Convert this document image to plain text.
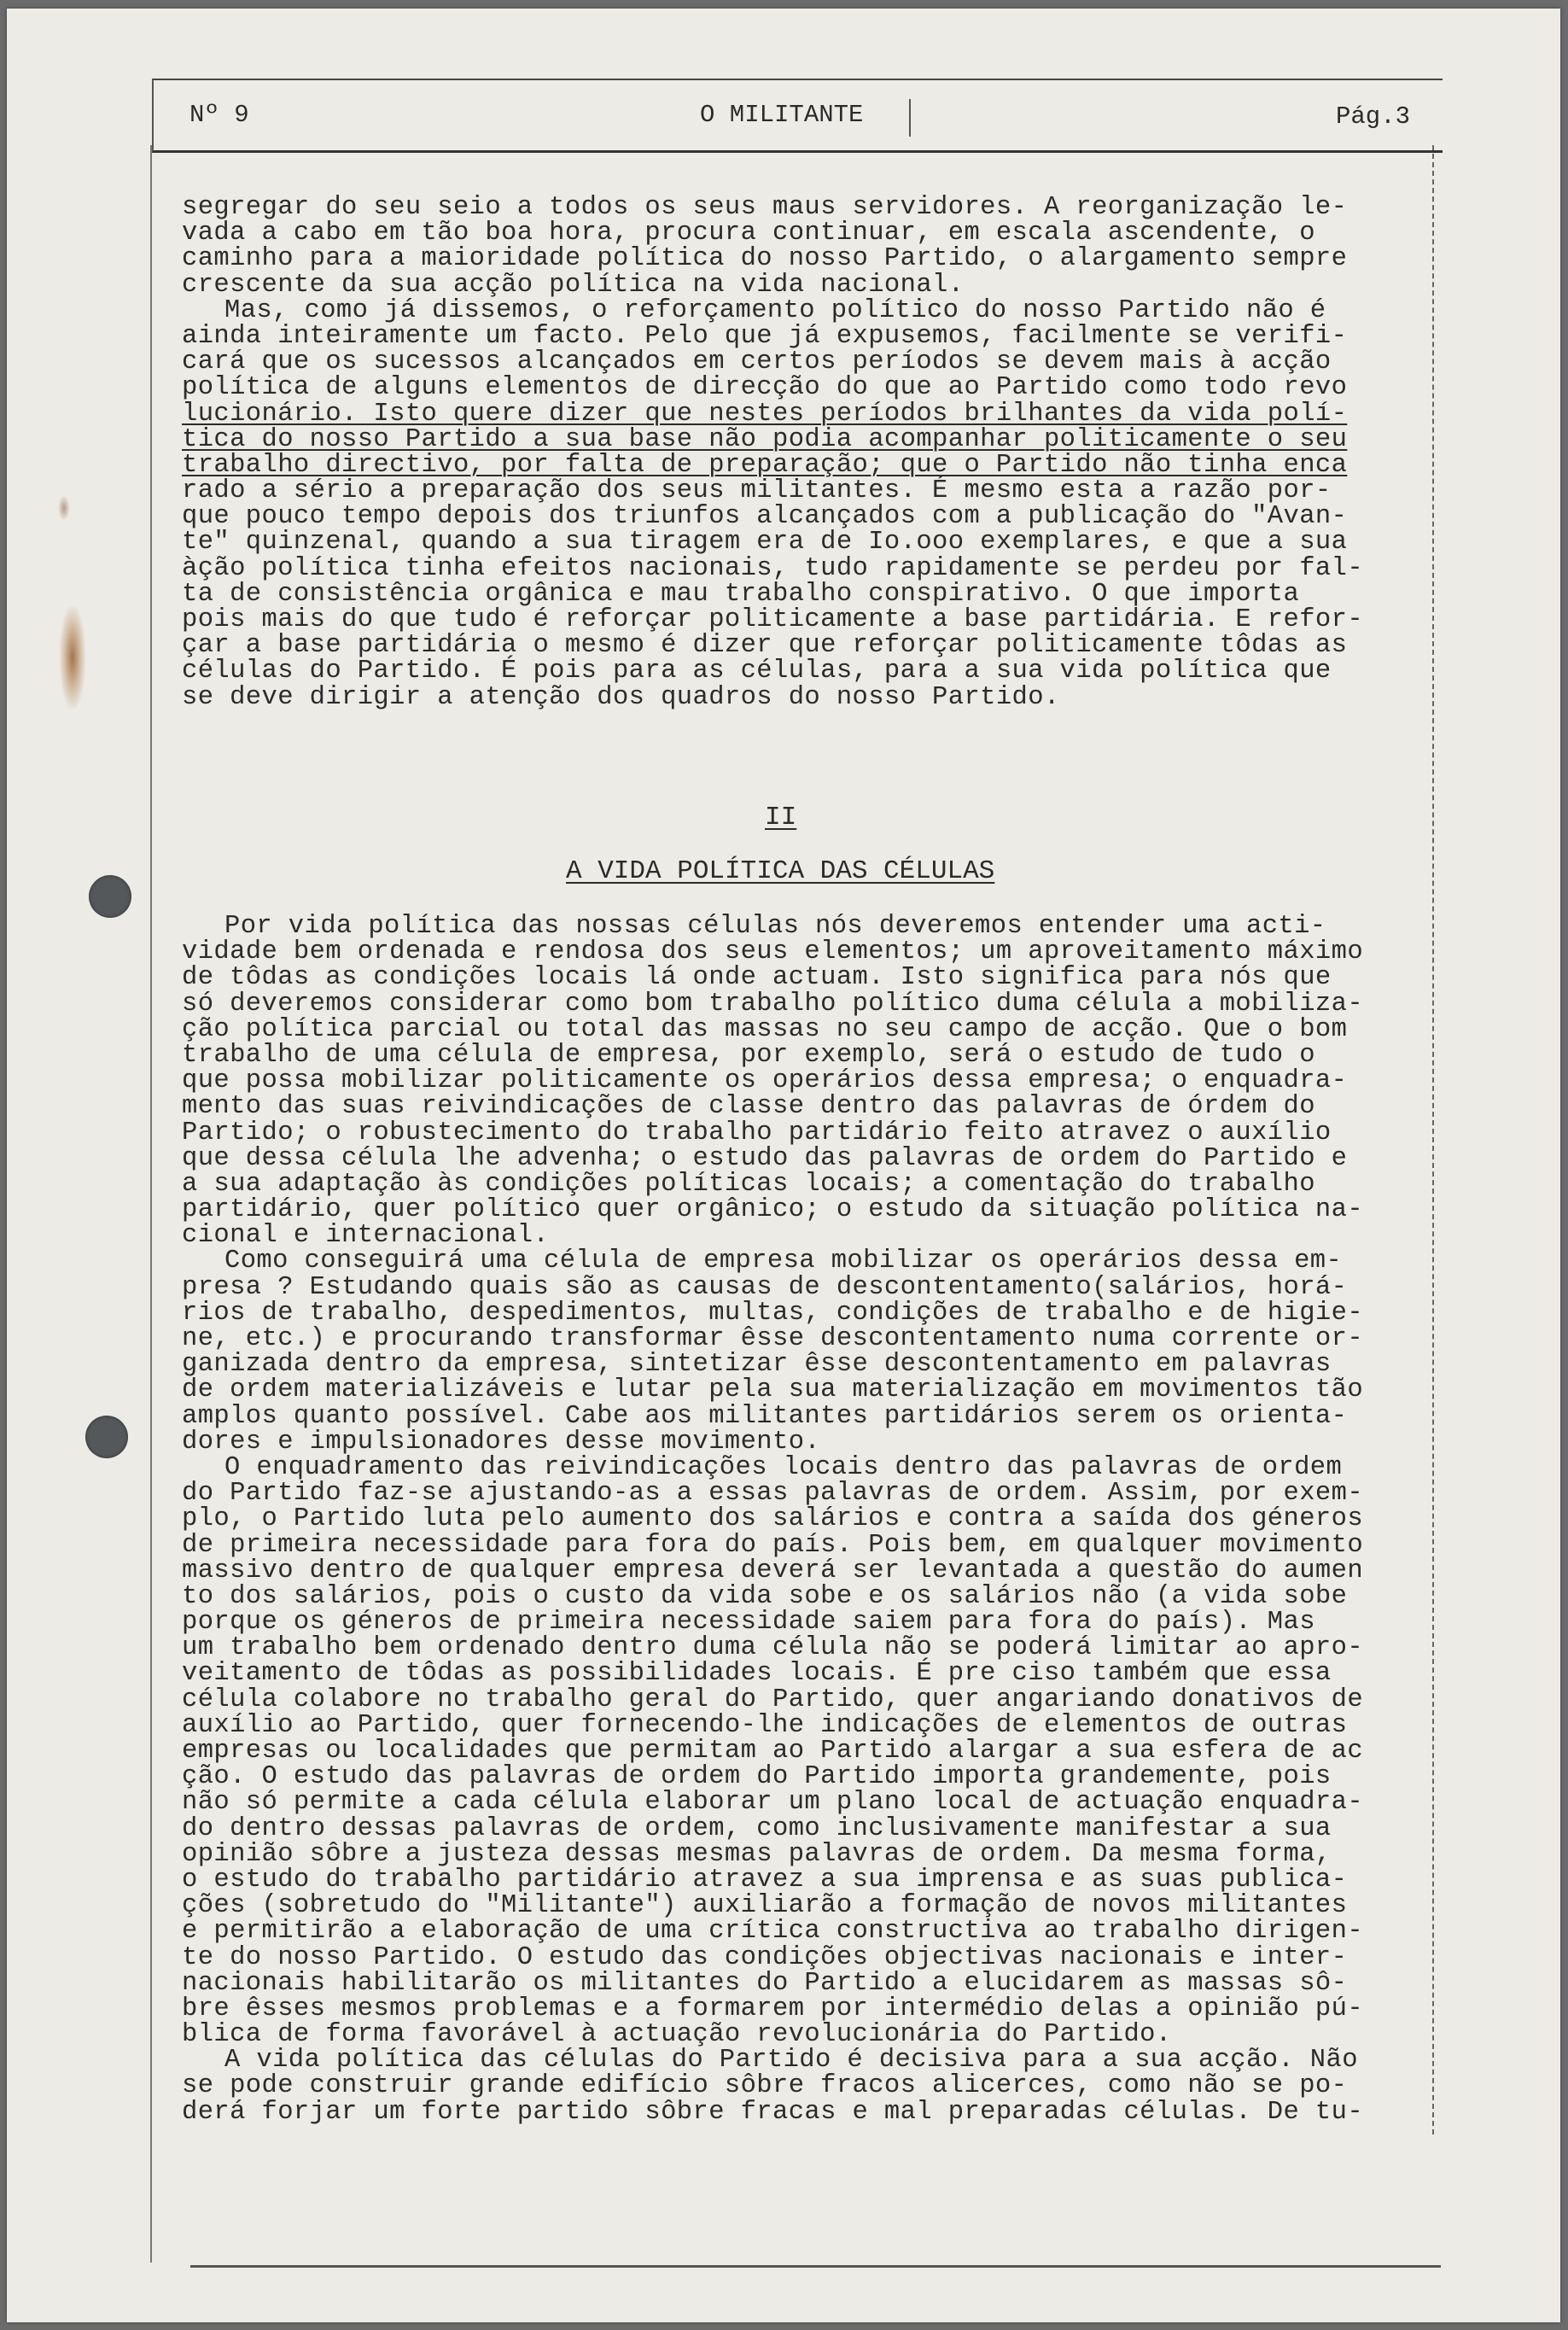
Nº 9	O MILITANTE	Pág.3
segregar do seu seio a todos os seus maus servidores. A reorganização le-
vada a cabo em tão boa hora, procura continuar, em escala ascendente, o
caminho para a maioridade política do nosso Partido, o alargamento sempre
crescente da sua acção política na vida nacional.
Mas, como já dissemos, o reforçamento político do nosso Partido não é
ainda inteiramente um facto. Pelo que já expusemos, facilmente se verifi-
cará que os sucessos alcançados em certos períodos se devem mais à acção
política de alguns elementos de direcção do que ao Partido como todo revo
lucionário. Isto quere dizer que nestes períodos brilhantes da vida polí-
tica do nosso Partido a sua base não podia acompanhar politicamente o seu
trabalho directivo, por falta de preparação; que o Partido não tinha enca
rado a sério a preparação dos seus militantes. É mesmo esta a razão por-
que pouco tempo depois dos triunfos alcançados com a publicação do "Avan-
te" quinzenal, quando a sua tiragem era de Io.ooo exemplares, e que a sua
àção política tinha efeitos nacionais, tudo rapidamente se perdeu por fal-
ta de consistência orgânica e mau trabalho conspirativo. O que importa
pois mais do que tudo é reforçar politicamente a base partidária. E refor-
çar a base partidária o mesmo é dizer que reforçar politicamente tôdas as
células do Partido. É pois para as células, para a sua vida política que
se deve dirigir a atenção dos quadros do nosso Partido.
II
A VIDA POLÍTICA DAS CÉLULAS
Por vida política das nossas células nós deveremos entender uma acti-
vidade bem ordenada e rendosa dos seus elementos; um aproveitamento máximo
de tôdas as condições locais lá onde actuam. Isto significa para nós que
só deveremos considerar como bom trabalho político duma célula a mobiliza-
ção política parcial ou total das massas no seu campo de acção. Que o bom
trabalho de uma célula de empresa, por exemplo, será o estudo de tudo o
que possa mobilizar politicamente os operários dessa empresa; o enquadra-
mento das suas reivindicações de classe dentro das palavras de órdem do
Partido; o robustecimento do trabalho partidário feito atravez o auxílio
que dessa célula lhe advenha; o estudo das palavras de ordem do Partido e
a sua adaptação às condições políticas locais; a comentação do trabalho
partidário, quer político quer orgânico; o estudo da situação política na-
cional e internacional.
Como conseguirá uma célula de empresa mobilizar os operários dessa em-
presa ? Estudando quais são as causas de descontentamento(salários, horá-
rios de trabalho, despedimentos, multas, condições de trabalho e de higie-
ne, etc.) e procurando transformar êsse descontentamento numa corrente or-
ganizada dentro da empresa, sintetizar êsse descontentamento em palavras
de ordem materializáveis e lutar pela sua materialização em movimentos tão
amplos quanto possível. Cabe aos militantes partidários serem os orienta-
dores e impulsionadores desse movimento.
O enquadramento das reivindicações locais dentro das palavras de ordem
do Partido faz-se ajustando-as a essas palavras de ordem. Assim, por exem-
plo, o Partido luta pelo aumento dos salários e contra a saída dos géneros
de primeira necessidade para fora do país. Pois bem, em qualquer movimento
massivo dentro de qualquer empresa deverá ser levantada a questão do aumen
to dos salários, pois o custo da vida sobe e os salários não (a vida sobe
porque os géneros de primeira necessidade saiem para fora do país). Mas
um trabalho bem ordenado dentro duma célula não se poderá limitar ao apro-
veitamento de tôdas as possibilidades locais. É pre ciso também que essa
célula colabore no trabalho geral do Partido, quer angariando donativos de
auxílio ao Partido, quer fornecendo-lhe indicações de elementos de outras
empresas ou localidades que permitam ao Partido alargar a sua esfera de ac
ção. O estudo das palavras de ordem do Partido importa grandemente, pois
não só permite a cada célula elaborar um plano local de actuação enquadra-
do dentro dessas palavras de ordem, como inclusivamente manifestar a sua
opinião sôbre a justeza dessas mesmas palavras de ordem. Da mesma forma,
o estudo do trabalho partidário atravez a sua imprensa e as suas publica-
ções (sobretudo do "Militante") auxiliarão a formação de novos militantes
e permitirão a elaboração de uma crítica constructiva ao trabalho dirigen-
te do nosso Partido. O estudo das condições objectivas nacionais e inter-
nacionais habilitarão os militantes do Partido a elucidarem as massas sô-
bre êsses mesmos problemas e a formarem por intermédio delas a opinião pú-
blica de forma favorável à actuação revolucionária do Partido.
A vida política das células do Partido é decisiva para a sua acção. Não
se pode construir grande edifício sôbre fracos alicerces, como não se po-
derá forjar um forte partido sôbre fracas e mal preparadas células. De tu-
